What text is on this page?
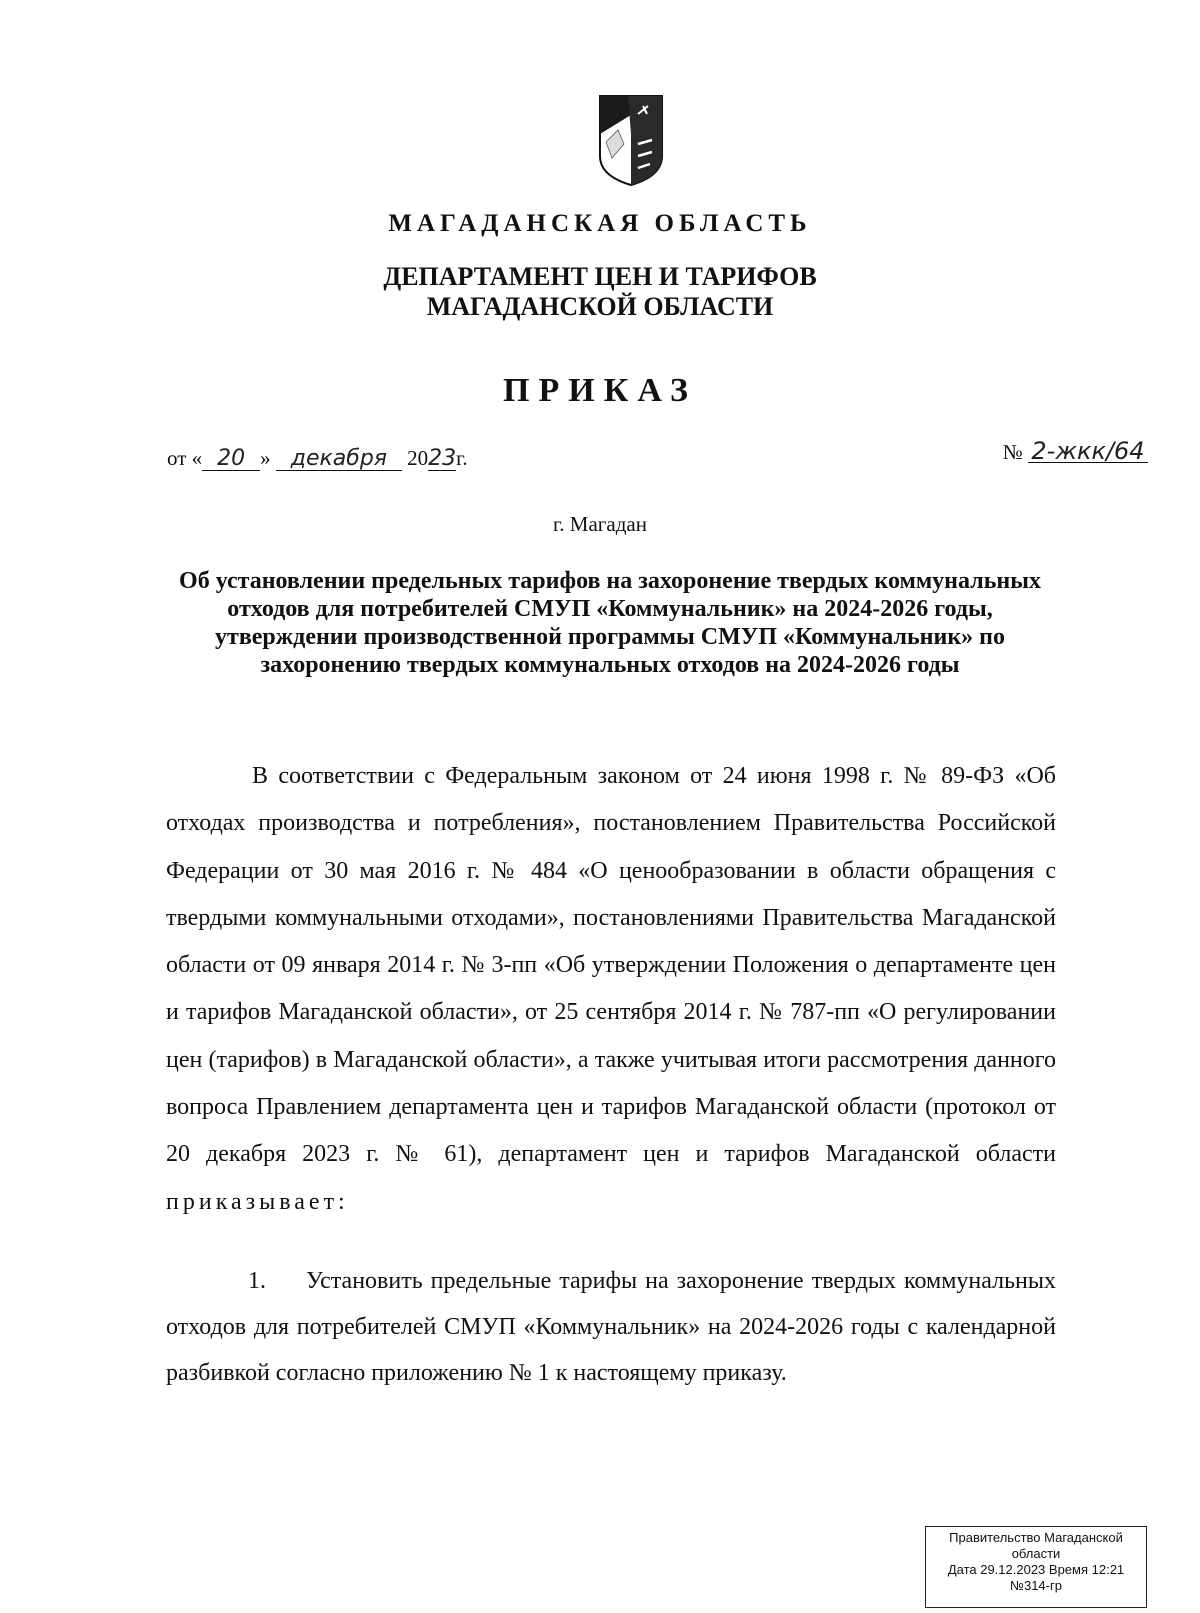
МАГАДАНСКАЯ ОБЛАСТЬ
ДЕПАРТАМЕНТ ЦЕН И ТАРИФОВ
МАГАДАНСКОЙ ОБЛАСТИ
ПРИКАЗ
от « 20 » декабря 2023г.	№ 2-жкк/64
г. Магадан
Об установлении предельных тарифов на захоронение твердых коммунальных отходов для потребителей СМУП «Коммунальник» на 2024-2026 годы, утверждении производственной программы СМУП «Коммунальник» по захоронению твердых коммунальных отходов на 2024-2026 годы

В соответствии с Федеральным законом от 24 июня 1998 г. № 89-ФЗ «Об отходах производства и потребления», постановлением Правительства Российской Федерации от 30 мая 2016 г. № 484 «О ценообразовании в области обращения с твердыми коммунальными отходами», постановлениями Правительства Магаданской области от 09 января 2014 г. № 3-пп «Об утверждении Положения о департаменте цен и тарифов Магаданской области», от 25 сентября 2014 г. № 787-пп «О регулировании цен (тарифов) в Магаданской области», а также учитывая итоги рассмотрения данного вопроса Правлением департамента цен и тарифов Магаданской области (протокол от 20 декабря 2023 г. № 61), департамент цен и тарифов Магаданской области приказывает:

1. Установить предельные тарифы на захоронение твердых коммунальных отходов для потребителей СМУП «Коммунальник» на 2024-2026 годы с календарной разбивкой согласно приложению № 1 к настоящему приказу.

Правительство Магаданской
области
Дата 29.12.2023 Время 12:21
№314-гр
